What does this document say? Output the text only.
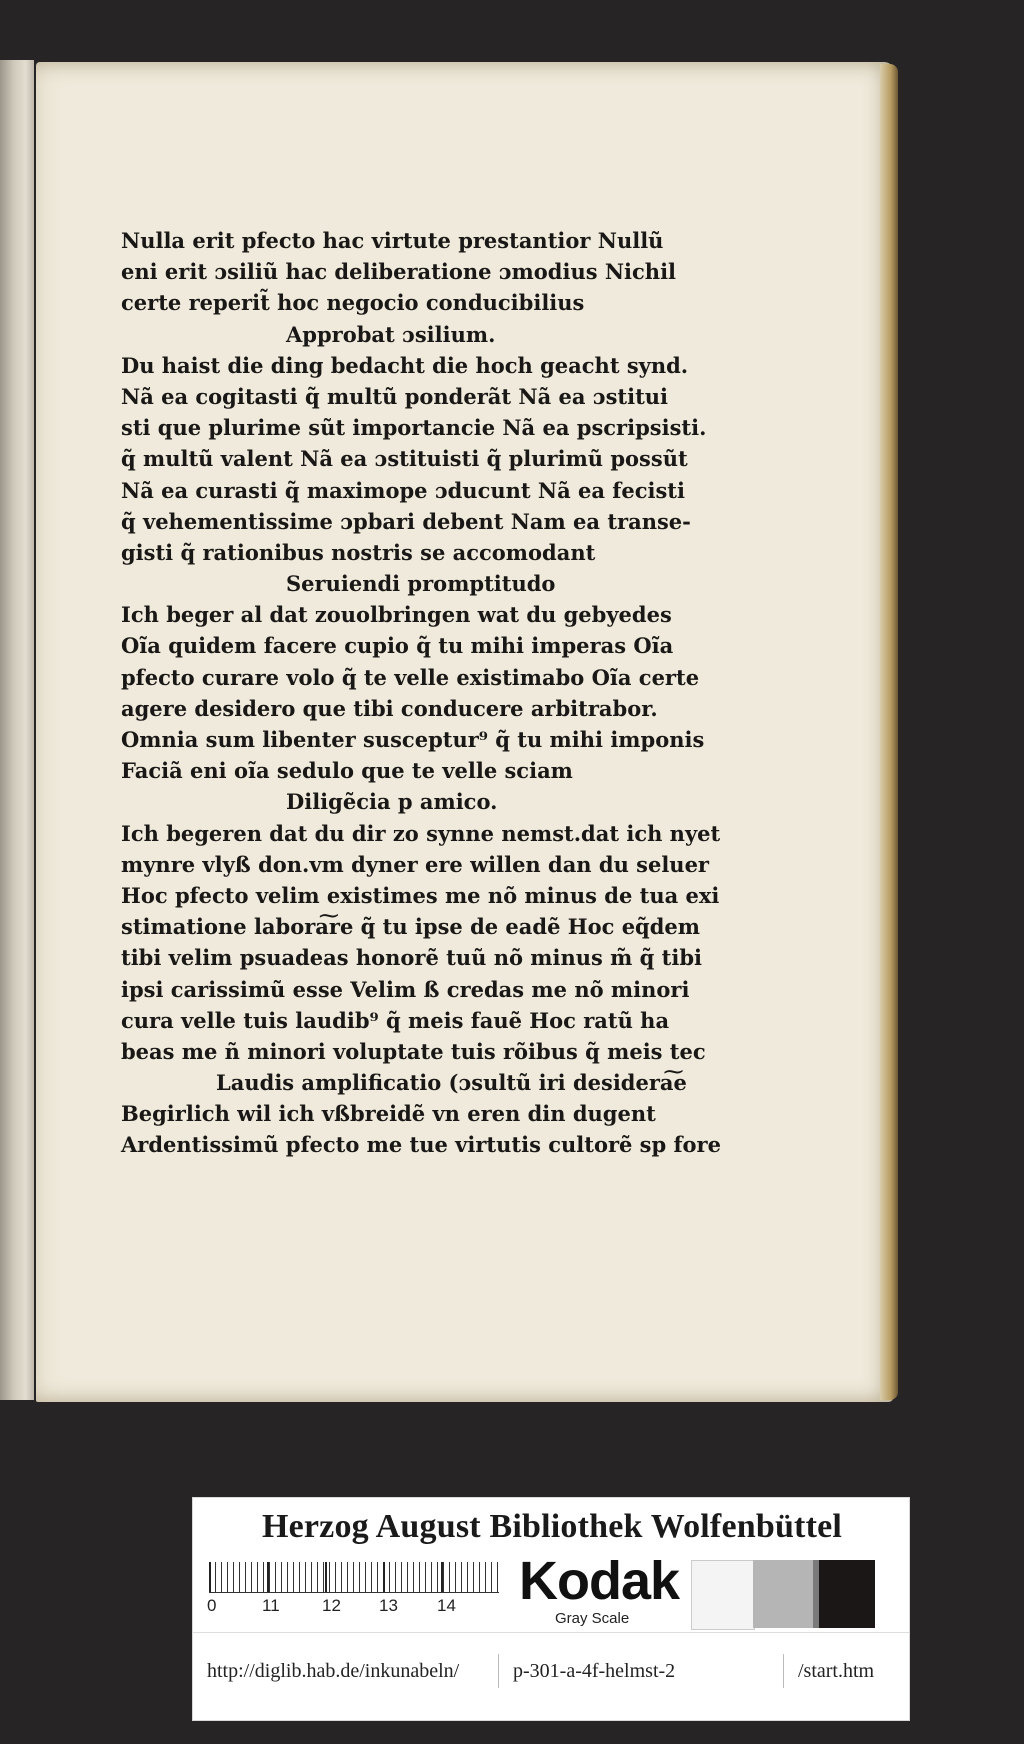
Nulla erit pfecto hac virtute prestantior Nullũ
eni erit ɔsiliũ hac deliberatione ɔmodius Nichil
certe reperit̃ hoc negocio conducibilius
Approbat ɔsilium.
Du haist die ding bedacht die hoch geacht synd.
Nã ea cogitasti q̃ multũ ponderãt Nã ea ɔstitui
sti que plurime sũt importancie Nã ea pscripsisti.
q̃ multũ valent Nã ea ɔstituisti q̃ plurimũ possũt
Nã ea curasti q̃ maximope ɔducunt Nã ea fecisti
q̃ vehementissime ɔpbari debent Nam ea transe-
gisti q̃ rationibus nostris se accomodant
Seruiendi promptitudo
Ich beger al dat zouolbringen wat du gebyedes
Oĩa quidem facere cupio q̃ tu mihi imperas Oĩa
pfecto curare volo q̃ te velle existimabo Oĩa certe
agere desidero que tibi conducere arbitrabor.
Omnia sum libenter susceptur⁹ q̃ tu mihi imponis
Faciã eni oĩa sedulo que te velle sciam
Diligẽcia p amico.
Ich begeren dat du dir zo synne nemst.dat ich nyet
mynre vlyß don.vm dyner ere willen dan du seluer
Hoc pfecto velim existimes me nõ minus de tua exi
stimatione labora͠re q̃ tu ipse de eadẽ Hoc eq̃dem
tibi velim psuadeas honorẽ tuũ nõ minus m̃ q̃ tibi
ipsi carissimũ esse Velim ß credas me nõ minori
cura velle tuis laudib⁹ q̃ meis fauẽ Hoc ratũ ha
beas me ñ minori voluptate tuis rõibus q̃ meis tec
Laudis amplificatio (ɔsultũ iri desidera͠e
Begirlich wil ich vßbreidẽ vn eren din dugent
Ardentissimũ pfecto me tue virtutis cultorẽ sp fore
Herzog August Bibliothek Wolfenbüttel
0	11 12 13 14 Kodak
Gray Scale
http://diglib.hab.de/inkunabeln/	p-301-a-4f-helmst-2	/start.htm
